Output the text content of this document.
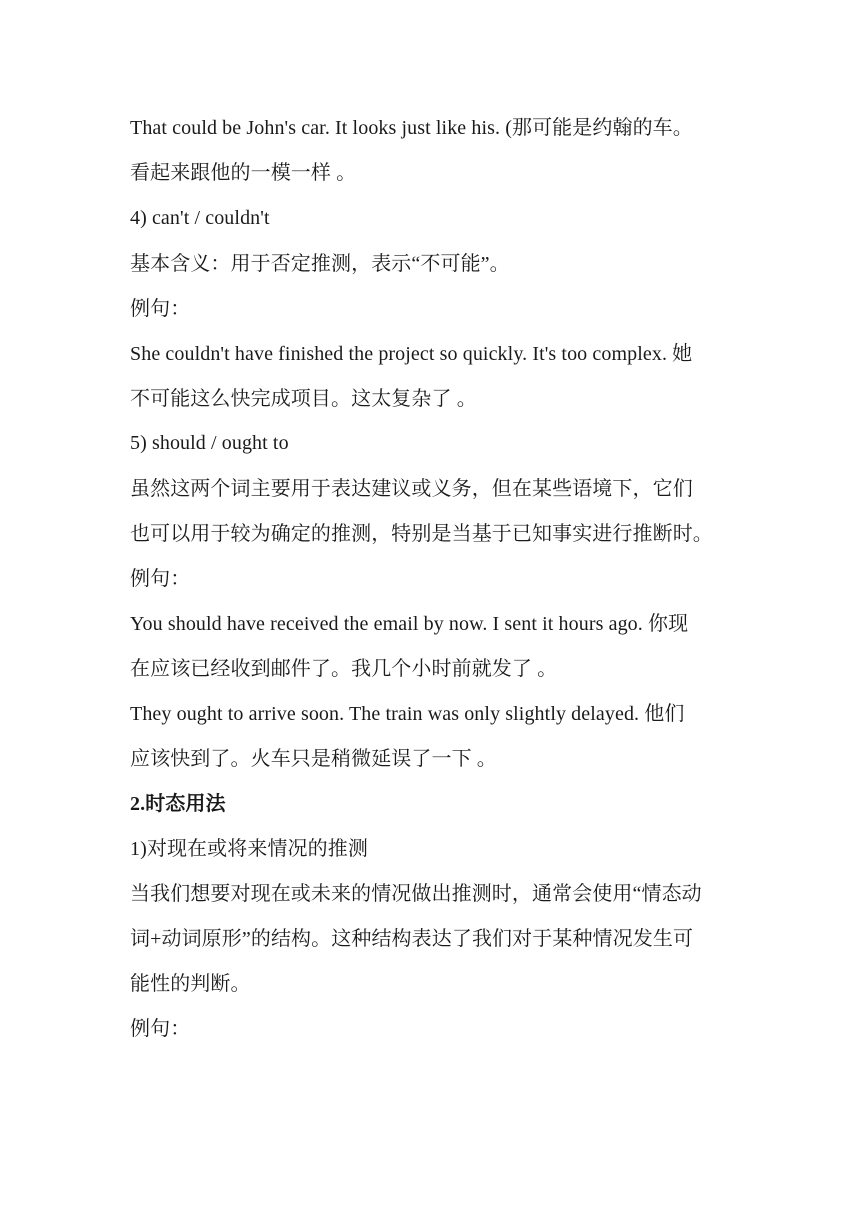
That could be John's car. It looks just like his. (那可能是约翰的车。
看起来跟他的一模一样 。
4) can't / couldn't
基本含义：用于否定推测，表示“不可能”。
例句：
She couldn't have finished the project so quickly. It's too complex. 她
不可能这么快完成项目。这太复杂了 。
5) should / ought to
虽然这两个词主要用于表达建议或义务，但在某些语境下，它们
也可以用于较为确定的推测，特别是当基于已知事实进行推断时。
例句：
You should have received the email by now. I sent it hours ago. 你现
在应该已经收到邮件了。我几个小时前就发了 。
They ought to arrive soon. The train was only slightly delayed. 他们
应该快到了。火车只是稍微延误了一下 。
2.时态用法
1)对现在或将来情况的推测
当我们想要对现在或未来的情况做出推测时，通常会使用“情态动
词+动词原形”的结构。这种结构表达了我们对于某种情况发生可
能性的判断。
例句：
